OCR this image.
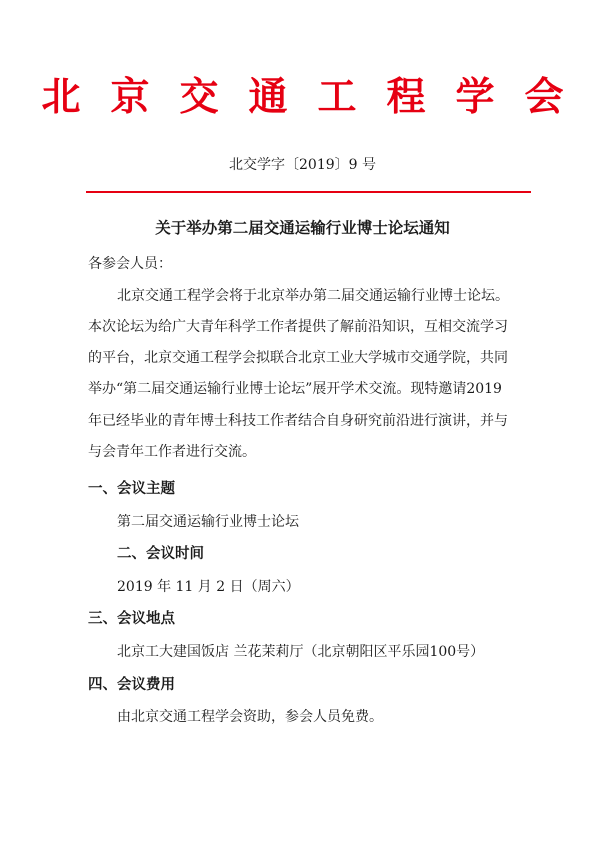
北京交通工程学会
北交学字〔2019〕9 号
关于举办第二届交通运输行业博士论坛通知
各参会人员：
北京交通工程学会将于北京举办第二届交通运输行业博士论坛。
本次论坛为给广大青年科学工作者提供了解前沿知识，互相交流学习
的平台，北京交通工程学会拟联合北京工业大学城市交通学院，共同
举办“第二届交通运输行业博士论坛”展开学术交流。现特邀请2019
年已经毕业的青年博士科技工作者结合自身研究前沿进行演讲，并与
与会青年工作者进行交流。
一、会议主题
第二届交通运输行业博士论坛
二、会议时间
2019 年 11 月 2 日（周六）
三、会议地点
北京工大建国饭店 兰花茉莉厅（北京朝阳区平乐园100号）
四、会议费用
由北京交通工程学会资助，参会人员免费。
